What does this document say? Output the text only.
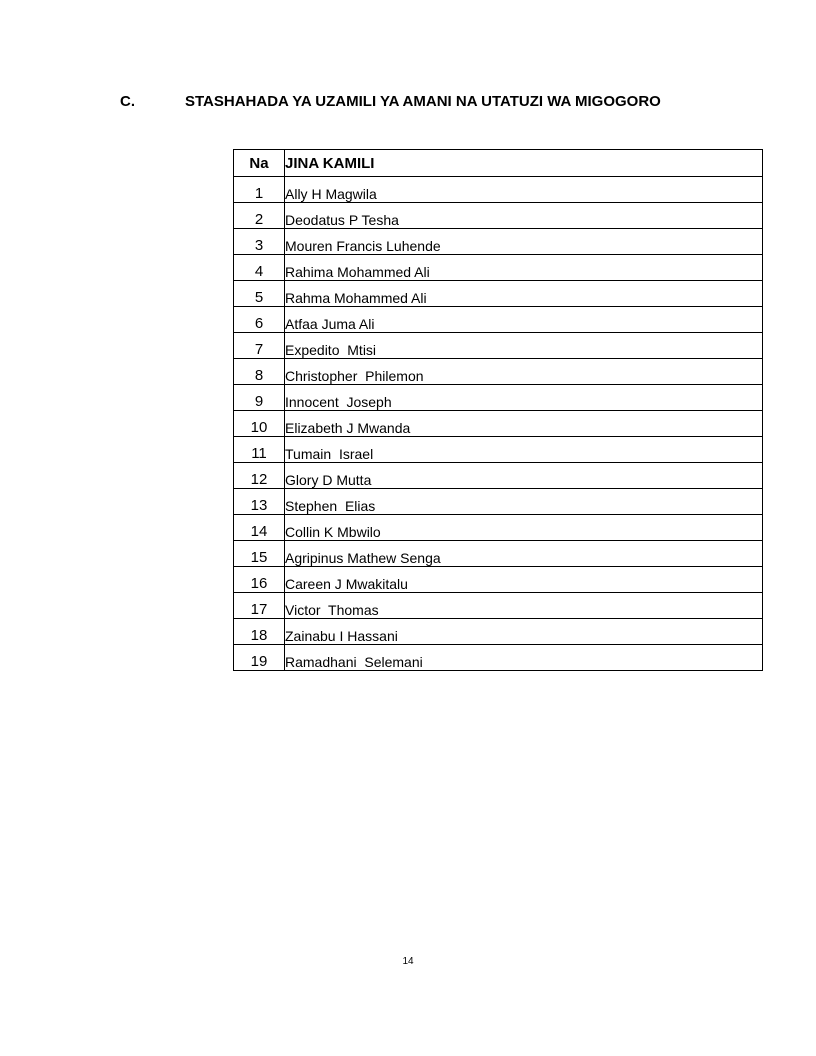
C.	STASHAHADA YA UZAMILI YA AMANI NA UTATUZI WA MIGOGORO
Na	JINA KAMILI
1	Ally H Magwila
2	Deodatus P Tesha
3	Mouren Francis Luhende
4	Rahima Mohammed Ali
5	Rahma Mohammed Ali
6	Atfaa Juma Ali
7	Expedito  Mtisi
8	Christopher  Philemon
9	Innocent  Joseph
10	Elizabeth J Mwanda
11	Tumain  Israel
12	Glory D Mutta
13	Stephen  Elias
14	Collin K Mbwilo
15	Agripinus Mathew Senga
16	Careen J Mwakitalu
17	Victor  Thomas
18	Zainabu I Hassani
19	Ramadhani  Selemani
14
